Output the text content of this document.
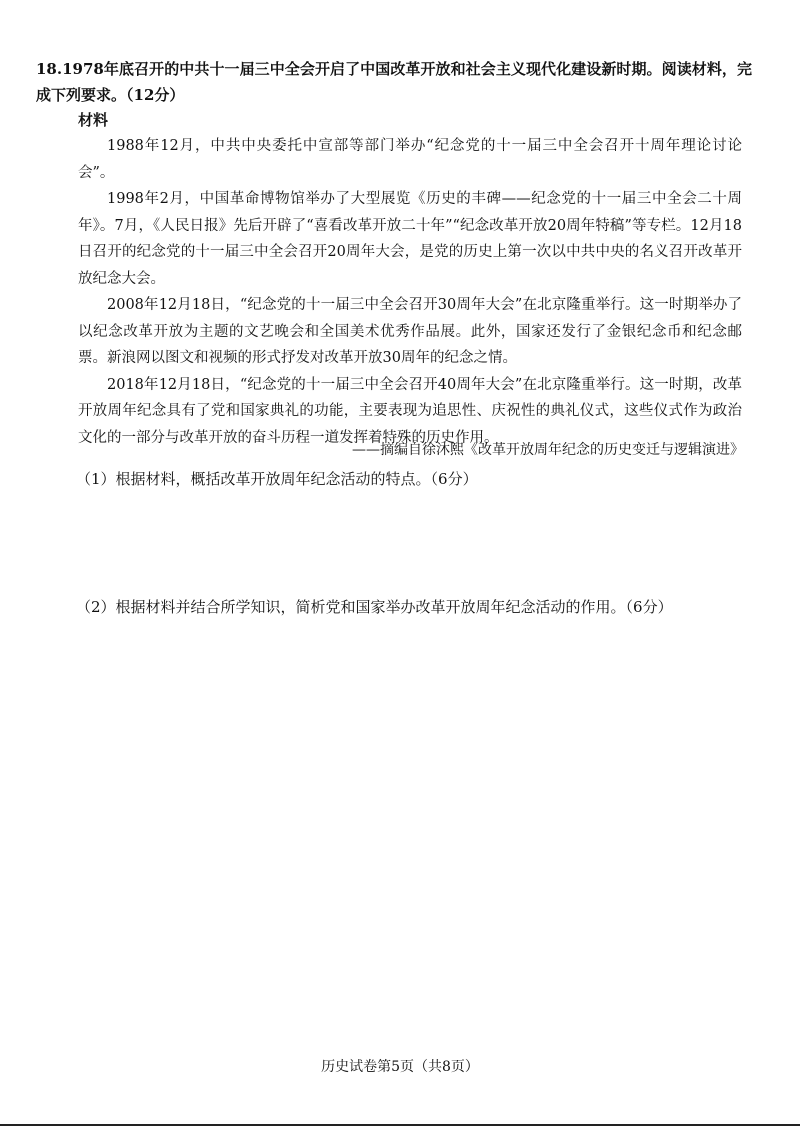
18.1978年底召开的中共十一届三中全会开启了中国改革开放和社会主义现代化建设新时期。阅读材料，完成下列要求。（12分）
材料

1988年12月，中共中央委托中宣部等部门举办“纪念党的十一届三中全会召开十周年理论讨论会”。

1998年2月，中国革命博物馆举办了大型展览《历史的丰碑——纪念党的十一届三中全会二十周年》。7月，《人民日报》先后开辟了“喜看改革开放二十年”“纪念改革开放20周年特稿”等专栏。12月18日召开的纪念党的十一届三中全会召开20周年大会，是党的历史上第一次以中共中央的名义召开改革开放纪念大会。

2008年12月18日，“纪念党的十一届三中全会召开30周年大会”在北京隆重举行。这一时期举办了以纪念改革开放为主题的文艺晚会和全国美术优秀作品展。此外，国家还发行了金银纪念币和纪念邮票。新浪网以图文和视频的形式抒发对改革开放30周年的纪念之情。

2018年12月18日，“纪念党的十一届三中全会召开40周年大会”在北京隆重举行。这一时期，改革开放周年纪念具有了党和国家典礼的功能，主要表现为追思性、庆祝性的典礼仪式，这些仪式作为政治文化的一部分与改革开放的奋斗历程一道发挥着特殊的历史作用。

——摘编自徐沐熙《改革开放周年纪念的历史变迁与逻辑演进》
（1）根据材料，概括改革开放周年纪念活动的特点。（6分）
（2）根据材料并结合所学知识，简析党和国家举办改革开放周年纪念活动的作用。（6分）
历史试卷第5页（共8页）
